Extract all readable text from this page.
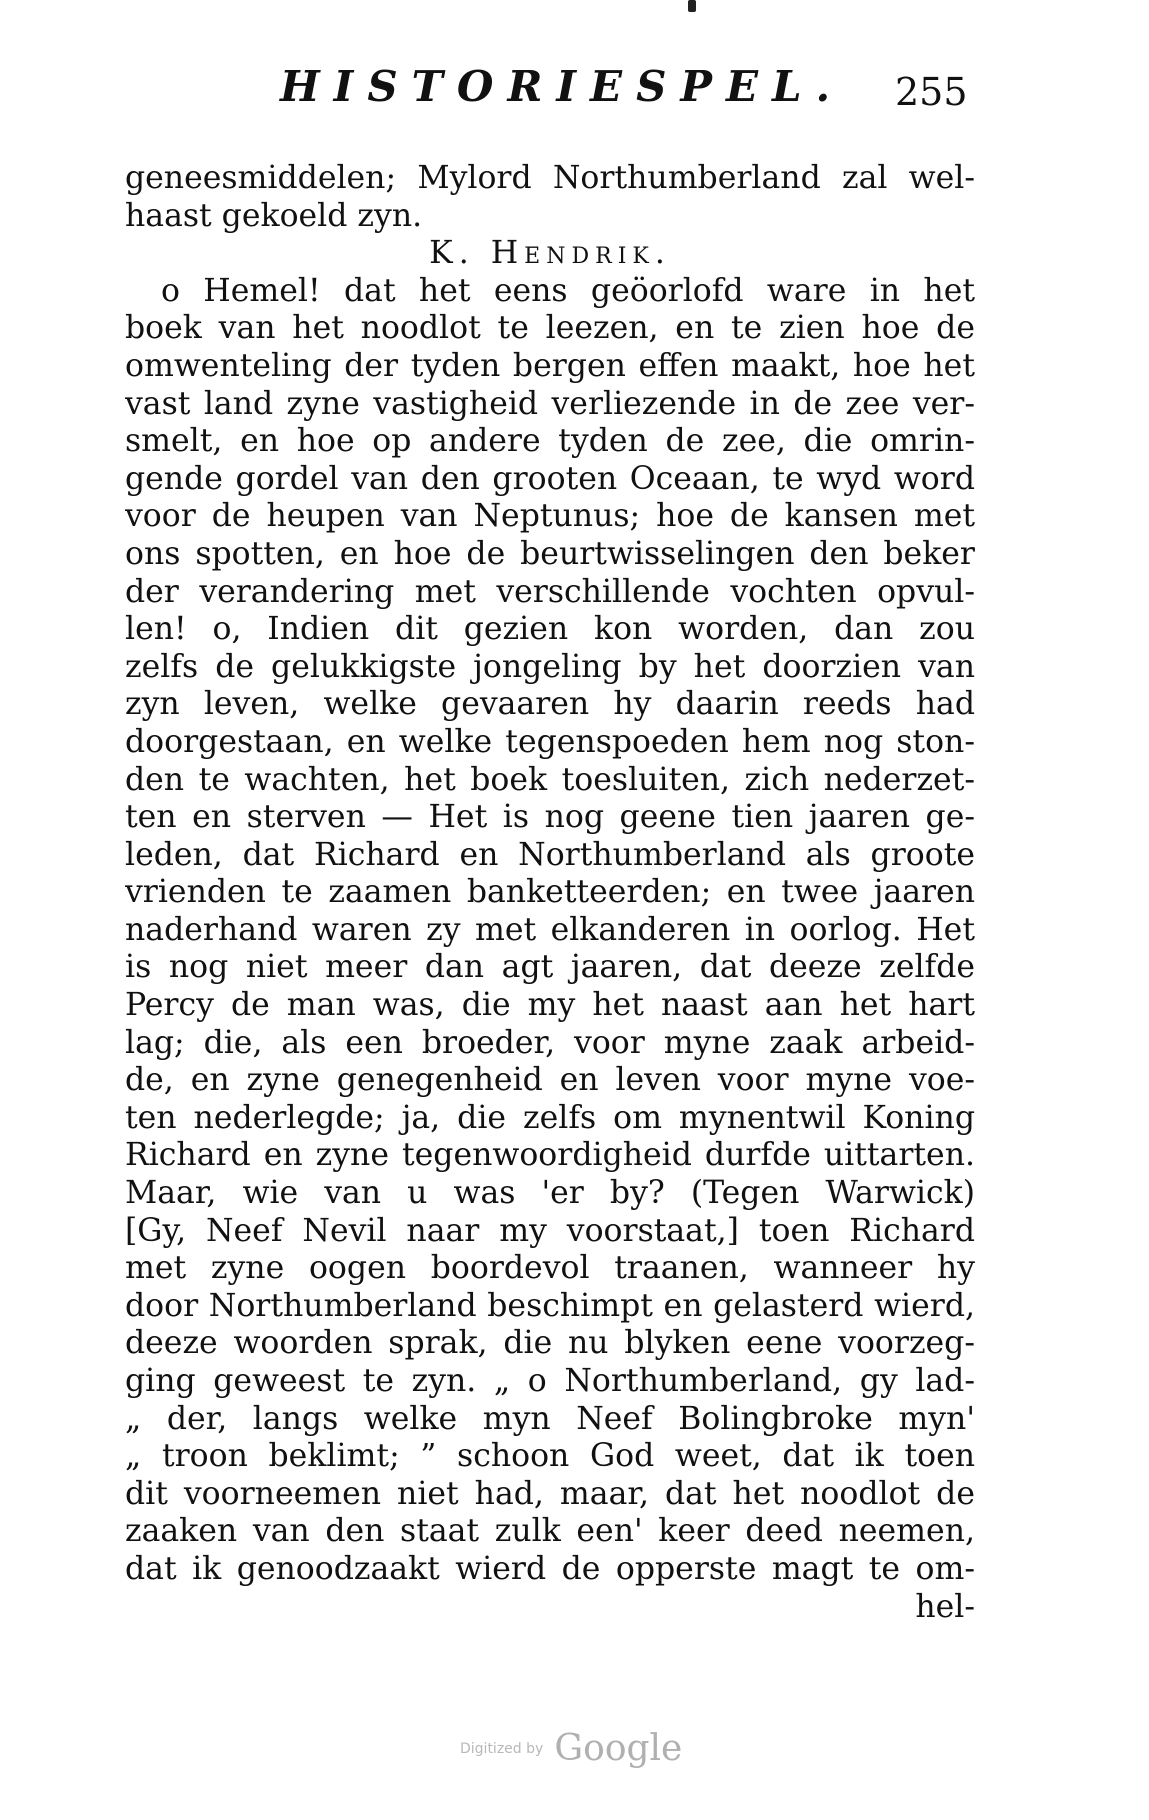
HISTORIESPEL. 255
geneesmiddelen; Mylord Northumberland zal wel-
haast gekoeld zyn.
K. Hendrik.
o Hemel! dat het eens geöorlofd ware in het
boek van het noodlot te leezen, en te zien hoe de
omwenteling der tyden bergen effen maakt, hoe het
vast land zyne vastigheid verliezende in de zee ver-
smelt, en hoe op andere tyden de zee, die omrin-
gende gordel van den grooten Oceaan, te wyd word
voor de heupen van Neptunus; hoe de kansen met
ons spotten, en hoe de beurtwisselingen den beker
der verandering met verschillende vochten opvul-
len! o, Indien dit gezien kon worden, dan zou
zelfs de gelukkigste jongeling by het doorzien van
zyn leven, welke gevaaren hy daarin reeds had
doorgestaan, en welke tegenspoeden hem nog ston-
den te wachten, het boek toesluiten, zich nederzet-
ten en sterven — Het is nog geene tien jaaren ge-
leden, dat Richard en Northumberland als groote
vrienden te zaamen banketteerden; en twee jaaren
naderhand waren zy met elkanderen in oorlog. Het
is nog niet meer dan agt jaaren, dat deeze zelfde
Percy de man was, die my het naast aan het hart
lag; die, als een broeder, voor myne zaak arbeid-
de, en zyne genegenheid en leven voor myne voe-
ten nederlegde; ja, die zelfs om mynentwil Koning
Richard en zyne tegenwoordigheid durfde uittarten.
Maar, wie van u was 'er by? (Tegen Warwick)
[Gy, Neef Nevil naar my voorstaat,] toen Richard
met zyne oogen boordevol traanen, wanneer hy
door Northumberland beschimpt en gelasterd wierd,
deeze woorden sprak, die nu blyken eene voorzeg-
ging geweest te zyn. „ o Northumberland, gy lad-
„ der, langs welke myn Neef Bolingbroke myn'
„ troon beklimt; ” schoon God weet, dat ik toen
dit voorneemen niet had, maar, dat het noodlot de
zaaken van den staat zulk een' keer deed neemen,
dat ik genoodzaakt wierd de opperste magt te om-
hel-
Digitized by Google
